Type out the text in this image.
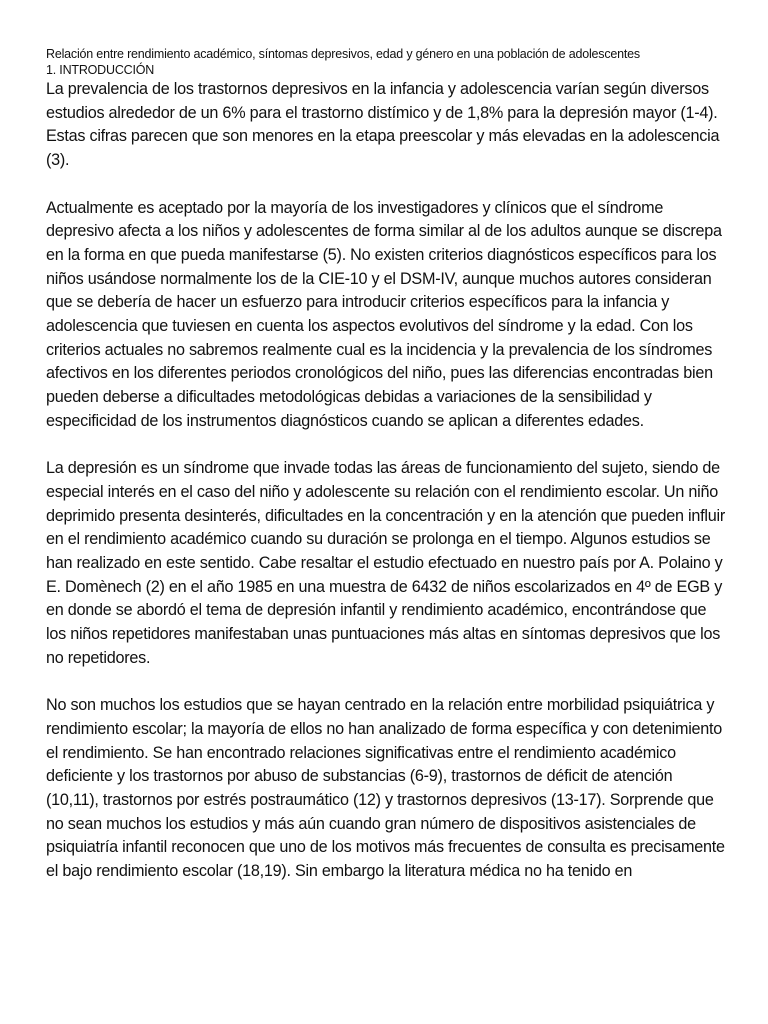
Relación entre rendimiento académico, síntomas depresivos, edad y género en una población de adolescentes

1. INTRODUCCIÓN

La prevalencia de los trastornos depresivos en la infancia y adolescencia varían según diversos estudios alrededor de un 6% para el trastorno distímico y de 1,8% para la depresión mayor (1-4). Estas cifras parecen que son menores en la etapa preescolar y más elevadas en la adolescencia (3).

Actualmente es aceptado por la mayoría de los investigadores y clínicos que el síndrome depresivo afecta a los niños y adolescentes de forma similar al de los adultos aunque se discrepa en la forma en que pueda manifestarse (5). No existen criterios diagnósticos específicos para los niños usándose normalmente los de la CIE-10 y el DSM-IV, aunque muchos autores consideran que se debería de hacer un esfuerzo para introducir criterios específicos para la infancia y adolescencia que tuviesen en cuenta los aspectos evolutivos del síndrome y la edad. Con los criterios actuales no sabremos realmente cual es la incidencia y la prevalencia de los síndromes afectivos en los diferentes periodos cronológicos del niño, pues las diferencias encontradas bien pueden deberse a dificultades metodológicas debidas a variaciones de la sensibilidad y especificidad de los instrumentos diagnósticos cuando se aplican a diferentes edades.

La depresión es un síndrome que invade todas las áreas de funcionamiento del sujeto, siendo de especial interés en el caso del niño y adolescente su relación con el rendimiento escolar. Un niño deprimido presenta desinterés, dificultades en la concentración y en la atención que pueden influir en el rendimiento académico cuando su duración se prolonga en el tiempo. Algunos estudios se han realizado en este sentido. Cabe resaltar el estudio efectuado en nuestro país por A. Polaino y E. Domènech (2) en el año 1985 en una muestra de 6432 de niños escolarizados en 4º de EGB y en donde se abordó el tema de depresión infantil y rendimiento académico, encontrándose que los niños repetidores manifestaban unas puntuaciones más altas en síntomas depresivos que los no repetidores.

No son muchos los estudios que se hayan centrado en la relación entre morbilidad psiquiátrica y rendimiento escolar; la mayoría de ellos no han analizado de forma específica y con detenimiento el rendimiento. Se han encontrado relaciones significativas entre el rendimiento académico deficiente y los trastornos por abuso de substancias (6-9), trastornos de déficit de atención (10,11), trastornos por estrés postraumático (12) y trastornos depresivos (13-17). Sorprende que no sean muchos los estudios y más aún cuando gran número de dispositivos asistenciales de psiquiatría infantil reconocen que uno de los motivos más frecuentes de consulta es precisamente el bajo rendimiento escolar (18,19). Sin embargo la literatura médica no ha tenido en
